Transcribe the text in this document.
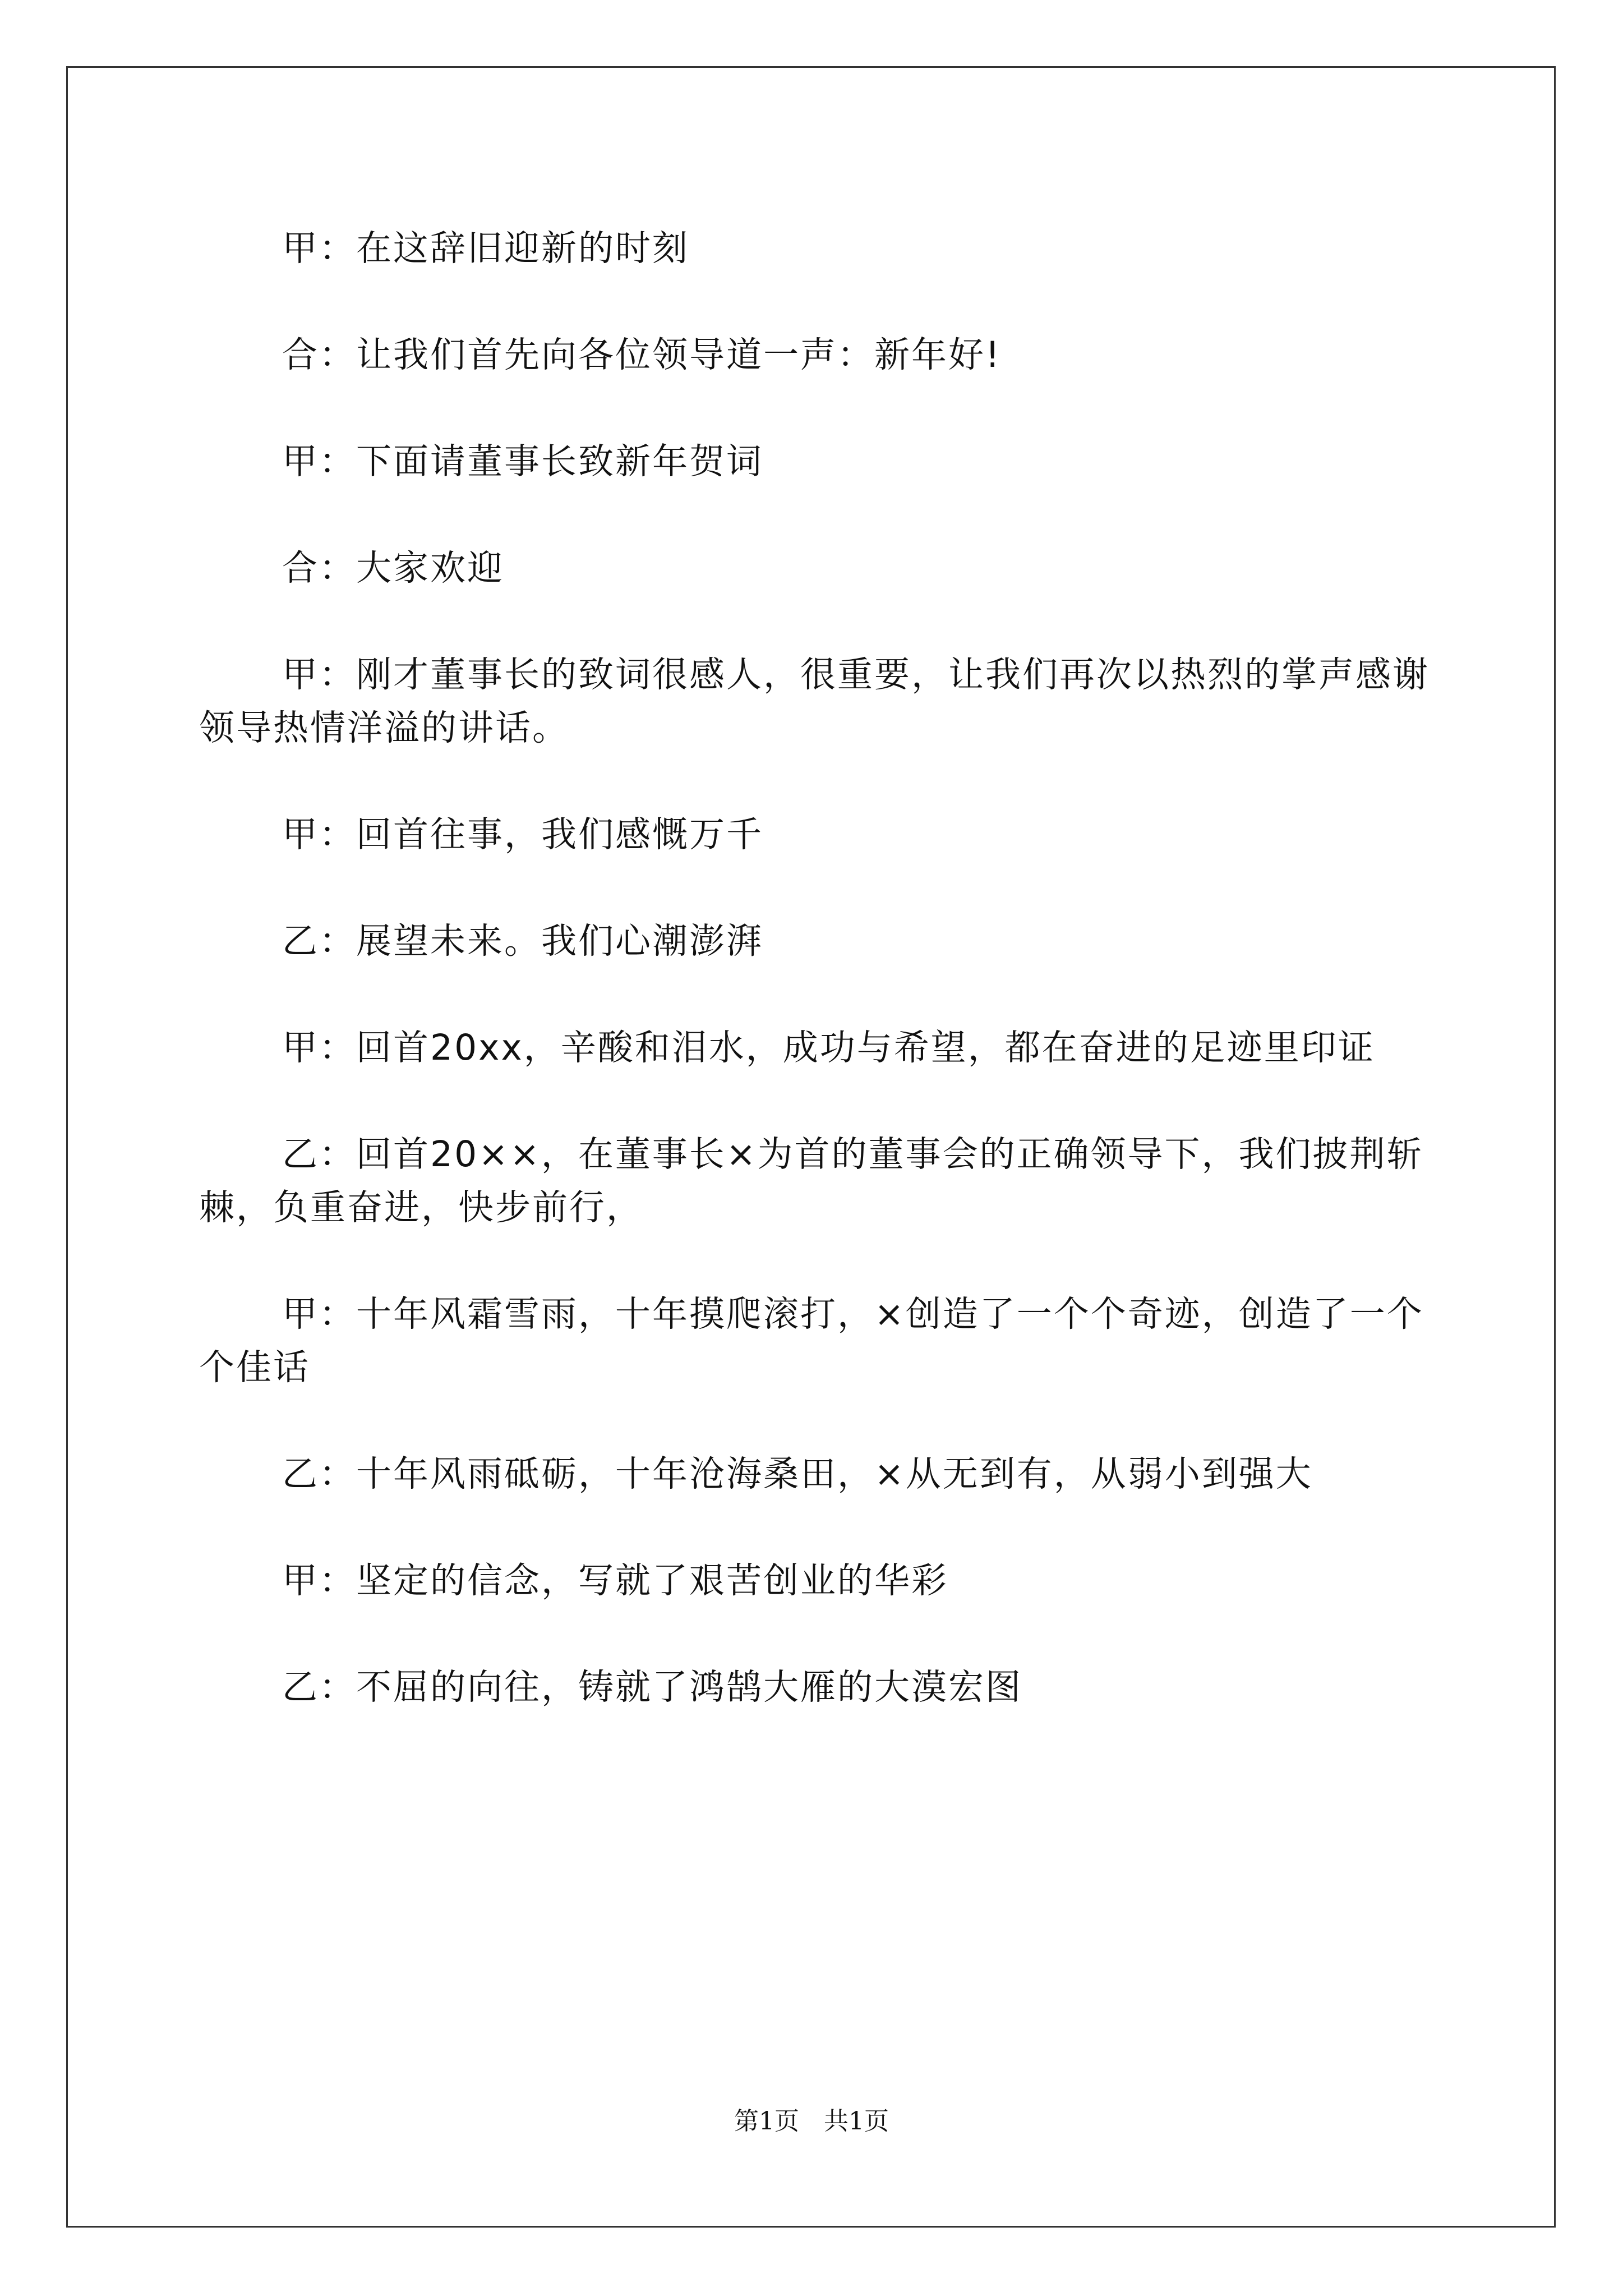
甲：在这辞旧迎新的时刻

合：让我们首先向各位领导道一声：新年好!

甲：下面请董事长致新年贺词

合：大家欢迎

甲：刚才董事长的致词很感人，很重要，让我们再次以热烈的掌声感谢领导热情洋溢的讲话。

甲：回首往事，我们感慨万千

乙：展望未来。我们心潮澎湃

甲：回首20xx，辛酸和泪水，成功与希望，都在奋进的足迹里印证

乙：回首20××，在董事长×为首的董事会的正确领导下，我们披荆斩棘，负重奋进，快步前行，

甲：十年风霜雪雨，十年摸爬滚打，×创造了一个个奇迹，创造了一个个佳话

乙：十年风雨砥砺，十年沧海桑田，×从无到有，从弱小到强大

甲：坚定的信念，写就了艰苦创业的华彩

乙：不屈的向往，铸就了鸿鹄大雁的大漠宏图

第1页　共1页
